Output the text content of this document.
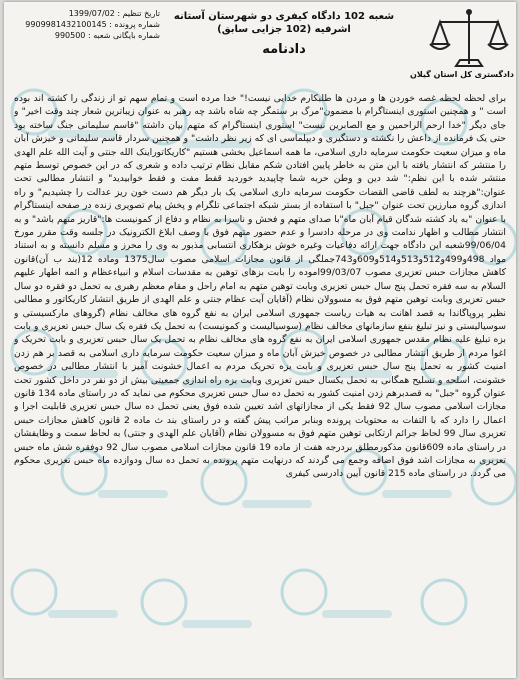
تاریخ تنظیم : 1399/07/02
شماره پرونده : 9909981432100145
شماره بایگانی شعبه : 990500
شعبه 102 دادگاه کیفری دو شهرستان آستانه اشرفیه (102 جزایی سابق)
دادنامه
دادگستری کل استان گیلان

برای لحظه لحظه غصه خوردن ها و مردن ها طلبکارم خدایی نیست!" خدا مرده است و تمام سهم تو از زندگی را کشته اند بوده است " و همچنین استوری اینستاگرام با مضمون"مرگ بر ستمگر چه شاه باشد چه رهبر به عنوان زیباترین شعار چند وقت اخیر" و جای دیگر "خدا ارحم الراحمین و مع الصابرین نیست" استوری اینستاگرام که متهم بیان داشته "قاسم سلیمانی جنگ ساخته بود حتی یک فرمانده از داعش را نکشته و دستگیری و دیپلماسی ای که زیر نظر داشت" و همچنین سردار قاسم سلیمانی و خیزش آبان ماه و میزان سعیت حکومت سرمایه داری اسلامی، ما همه اسماعیل بخشی هستیم "کاریکاتوراینک الله جنتی و آیت الله علم الهدی را منتشر که انتشار یافته با این متن به خاطر پایین افتادن شکم مقابل نظام ترتیب داده و شعری که در این خصوص توسط متهم منتشر شده با این نظم:" شد دین و وطن حربه شما چاپیدید خوردید قفط مفت و فقط خوابیدید" و انتشار مطالبی تحت عنوان:"هرچند به لطف قاضی القضات حکومت سرمایه داری اسلامی یک بار دیگر هم دست خون ریز عدالت را چشیدیم" و راه اندازی گروه مبارزین تحت عنوان "جبل" با استفاده از بستر شبکه اجتماعی تلگرام و پخش پیام تصویری زنده در صفحه اینستاگرام با عنوان "به یاد کشته شدگان قیام آبان ماه"با صدای متهم و فحش و ناسزا به نظام و دفاع از کمونیست ها:"قاریز متهم باشد" و به انتشار مطالب و اظهار ندامت وی در مرحله دادسرا و عدم حضور متهم فوق با وصف ابلاغ الکترونیک در جلسه وقت مقرر مورخ 99/06/04شعبه این دادگاه جهت ارائه دفاعیات وغیره خوش بزهکاری انتسابی مذبور به وی را محرز و مسلم دانسته و به استناد مواد 498و499و512و513و514و609و743جملگی از قانون مجازات اسلامی مصوب سال1375 وماده 12(بند ب آن)قانون کاهش مجازات حبس تعزیری مصوب 99/03/07اموده را بابت بزهای توهین به مقدسات اسلام و انبیاءعظام و ائمه اطهار علیهم السلام به سه فقره تحمل پنج سال حبس تعزیری وبابت توهین متهم به امام راحل و مقام معظم رهبری به تحمل دو فقره دو سال حبس تعزیری وبابت توهین متهم فوق به مسوولان نظام (آقایان آیت عظام جنتی و علم الهدی از طریق انتشار کاریکاتور و مطالبی نظیر پروپاگاندا به قصد اهانت به هیات ریاست جمهوری اسلامی ایران به نفع گروه های مخالف نظام (گروهای مارکسیستی و سوسیالیستی و نیز تبلیغ بنفع سازمانهای مخالف نظام (سوسیالیست و کمونیست) به تحمل یک فقره یک سال حبس تعزیری و بابت بزه تبلیغ علیه نظام مقدس جمهوری اسلامی ایران به نفع گروه های مخالف نظام به تحمل یک سال حبس تعزیری و بابت تحریک و اغوا مردم از طریق انتشار مطالبی در خصوص خیزش آبان ماه و میزان سعیت حکومت سرمایه داری اسلامی به قصد بر هم زدن امنیت کشور به تحمل پنج سال حبس تعزیری و بابت بزه تحریک مردم به اعمال خشونت آمیز با انتشار مطالبی در خصوص خشونت، اسلحه و تسلیح همگانی به تحمل یکسال حبس تعزیری وبابت بزه راه اندازی جمعیتی بیش از دو نفر در داخل کشور تحت عنوان گروه "جبل" به قصدبرهم زدن امنیت کشور به تحمل ده سال حبس تعزیری محکوم می نماید که در راستای ماده 134 قانون مجازات اسلامی مصوب سال 92 فقط یکی از مجازاتهای اشد تعیین شده فوق یعنی تحمل ده سال حبس تعزیری قابلیت اجرا و اعمال را دارد که با التفات به محتویات پرونده وبنابر مراتب پیش گفته و در راستای بند ث ماده 2 قانون کاهش مجازات حبس تعزیری سال 99 لحاظ جرائم ارتکابی توهین متهم فوق به مسوولان نظام (آقایان علم الهدی و جنتی) به لحاظ سمت و وظایفشان در راستای ماده 609قانون مذکورمطلق بردرجه هفت از ماده 19 قانون مجازات اسلامی مصوب سال 92 دوفقره شش ماه حبس تعزیری به مجازات اشد فوق اضافه وجمع می گردند که درنهایت متهم پرونده به تحمل ده سال ودوازده ماه حبس تعزیری محکوم می گردد. در راستای ماده 215 قانون آیین دادرسی کیفری
